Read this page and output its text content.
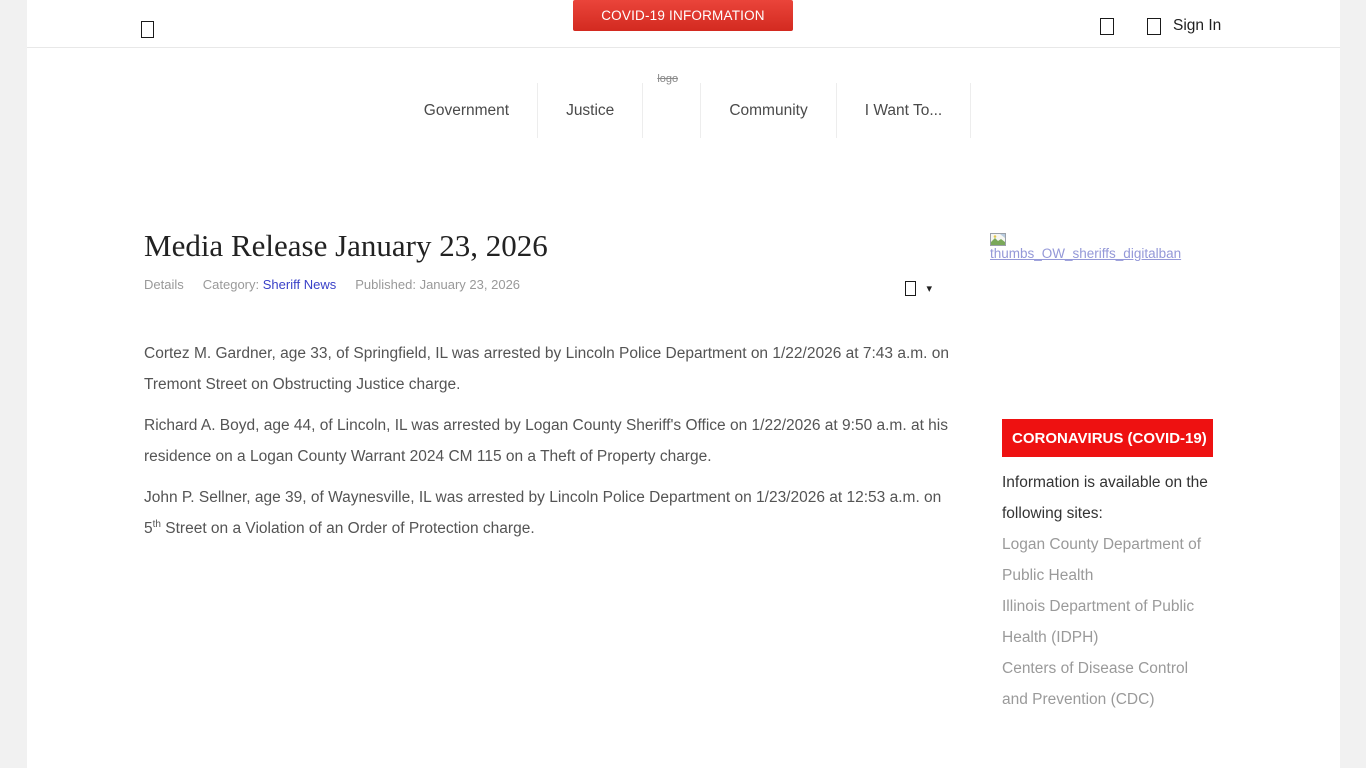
COVID-19 INFORMATION
Sign In
Government	Justice
logo
Community	I Want To...
Media Release January 23, 2026
Details Category: Sheriff News Published: January 23, 2026	▾

Cortez M. Gardner, age 33, of Springfield, IL was arrested by Lincoln Police Department on 1/22/2026 at 7:43 a.m. on Tremont Street on Obstructing Justice charge.

Richard A. Boyd, age 44, of Lincoln, IL was arrested by Logan County Sheriff's Office on 1/22/2026 at 9:50 a.m. at his residence on a Logan County Warrant 2024 CM 115 on a Theft of Property charge.

John P. Sellner, age 39, of Waynesville, IL was arrested by Lincoln Police Department on 1/23/2026 at 12:53 a.m. on 5th Street on a Violation of an Order of Protection charge.

thumbs_OW_sheriffs_digitalban
CORONAVIRUS (COVID-19)

Information is available on the following sites:

Logan County Department of Public Health
Illinois Department of Public Health (IDPH)
Centers of Disease Control and Prevention (CDC)
